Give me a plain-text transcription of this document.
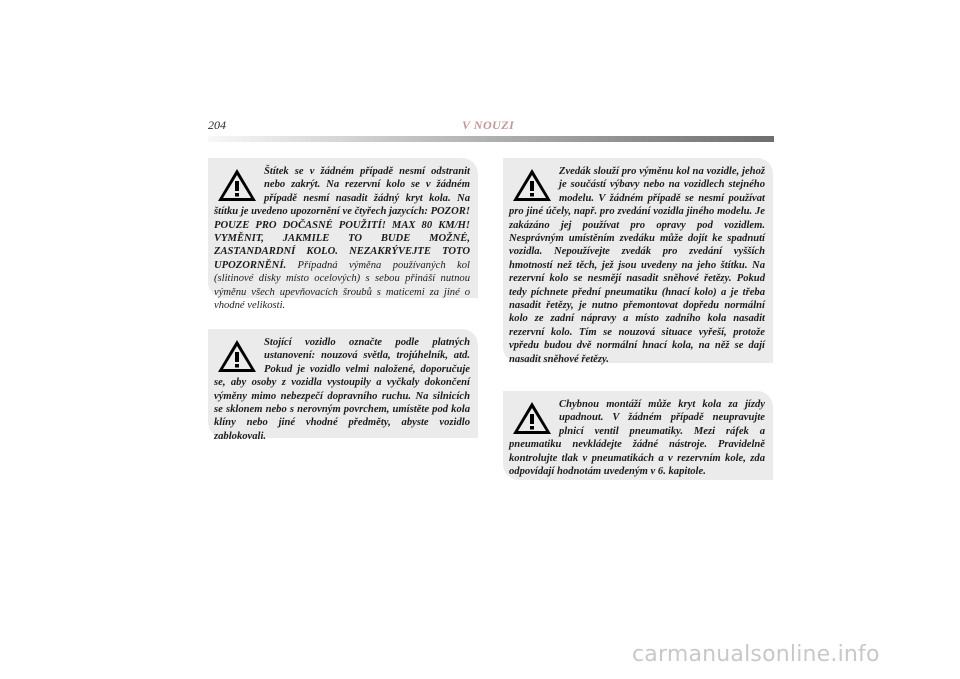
204	V NOUZI

Štítek se v žádném případě nesmí odstranit nebo zakrýt. Na rezervní kolo se v žádném případě nesmí nasadit žádný kryt kola. Na štítku je uvedeno upozornění ve čtyřech jazycích: POZOR! POUZE PRO DOČASNÉ POUŽITÍ! MAX 80 KM/H! VYMĚNIT, JAKMILE TO BUDE MOŽNÉ, ZASTANDARDNÍ KOLO. NEZAKRÝVEJTE TOTO UPOZORNĚNÍ. Případná výměna používaných kol (slitinové disky místo ocelových) s sebou přináší nutnou výměnu všech upevňovacích šroubů s maticemi za jiné o vhodné velikosti.

Stojící vozidlo označte podle platných ustanovení: nouzová světla, trojúhelník, atd. Pokud je vozidlo velmi naložené, doporučuje se, aby osoby z vozidla vystoupily a vyčkaly dokončení výměny mimo nebezpečí dopravního ruchu. Na silnicích se sklonem nebo s nerovným povrchem, umístěte pod kola klíny nebo jiné vhodné předměty, abyste vozidlo zablokovali.

Zvedák slouží pro výměnu kol na vozidle, jehož je součástí výbavy nebo na vozidlech stejného modelu. V žádném případě se nesmí používat pro jiné účely, např. pro zvedání vozidla jiného modelu. Je zakázáno jej používat pro opravy pod vozidlem. Nesprávným umístěním zvedáku může dojít ke spadnutí vozidla. Nepoužívejte zvedák pro zvedání vyšších hmotností než těch, jež jsou uvedeny na jeho štítku. Na rezervní kolo se nesmějí nasadit sněhové řetězy. Pokud tedy píchnete přední pneumatiku (hnací kolo) a je třeba nasadit řetězy, je nutno přemontovat dopředu normální kolo ze zadní nápravy a místo zadního kola nasadit rezervní kolo. Tím se nouzová situace vyřeší, protože vpředu budou dvě normální hnací kola, na něž se dají nasadit sněhové řetězy.

Chybnou montáží může kryt kola za jízdy upadnout. V žádném případě neupravujte plnicí ventil pneumatiky. Mezi ráfek a pneumatiku nevkládejte žádné nástroje. Pravidelně kontrolujte tlak v pneumatikách a v rezervním kole, zda odpovídají hodnotám uvedeným v 6. kapitole.

carmanualsonline.info
